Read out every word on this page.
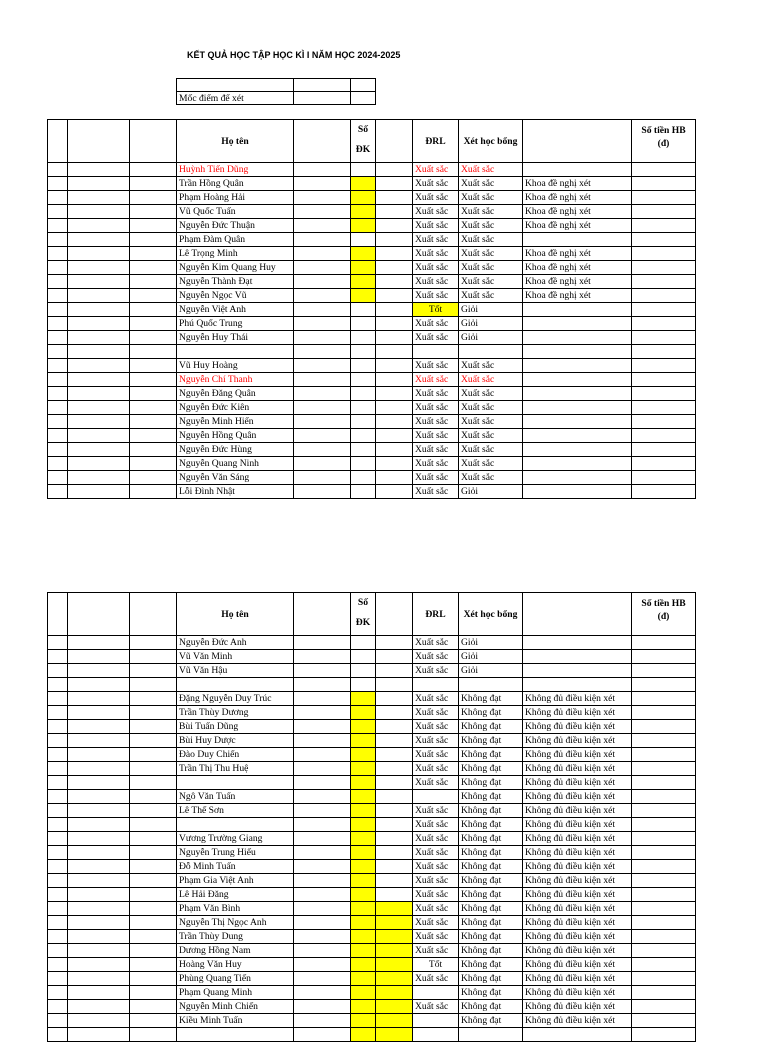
KẾT QUẢ HỌC TẬP HỌC KÌ I NĂM HỌC 2024-2025

Mốc điểm để xét		
			Họ tên		Số
ĐK		ĐRL	Xét học bổng		Số tiền HB
(đ)
			Huỳnh Tiến Dũng				Xuất sắc	Xuất sắc		
			Trần Hồng Quân				Xuất sắc	Xuất sắc	Khoa đề nghị xét	
			Phạm Hoàng Hải				Xuất sắc	Xuất sắc	Khoa đề nghị xét	
			Vũ Quốc Tuấn				Xuất sắc	Xuất sắc	Khoa đề nghị xét	
			Nguyễn Đức Thuận				Xuất sắc	Xuất sắc	Khoa đề nghị xét	
			Phạm Đàm Quân				Xuất sắc	Xuất sắc		
			Lê Trọng Minh				Xuất sắc	Xuất sắc	Khoa đề nghị xét	
			Nguyễn Kim Quang Huy				Xuất sắc	Xuất sắc	Khoa đề nghị xét	
			Nguyễn Thành Đạt				Xuất sắc	Xuất sắc	Khoa đề nghị xét	
			Nguyễn Ngọc Vũ				Xuất sắc	Xuất sắc	Khoa đề nghị xét	
			Nguyễn Việt Anh				Tốt	Giỏi		
			Phú Quốc Trung				Xuất sắc	Giỏi		
			Nguyễn Huy Thái				Xuất sắc	Giỏi		

			Vũ Huy Hoàng				Xuất sắc	Xuất sắc		
			Nguyễn Chí Thanh				Xuất sắc	Xuất sắc		
			Nguyễn Đăng Quân				Xuất sắc	Xuất sắc		
			Nguyễn Đức Kiên				Xuất sắc	Xuất sắc		
			Nguyễn Minh Hiển				Xuất sắc	Xuất sắc		
			Nguyễn Hồng Quân				Xuất sắc	Xuất sắc		
			Nguyễn Đức Hùng				Xuất sắc	Xuất sắc		
			Nguyễn Quang Ninh				Xuất sắc	Xuất sắc		
			Nguyễn Văn Sáng				Xuất sắc	Xuất sắc		
			Lỗi Đình Nhật				Xuất sắc	Giỏi		
			Họ tên		Số
ĐK		ĐRL	Xét học bổng		Số tiền HB
(đ)
			Nguyễn Đức Anh				Xuất sắc	Giỏi		
			Vũ Văn Minh				Xuất sắc	Giỏi		
			Vũ Văn Hậu				Xuất sắc	Giỏi		

			Đặng Nguyễn Duy Trúc				Xuất sắc	Không đạt	Không đủ điều kiện xét	
			Trần Thùy Dương				Xuất sắc	Không đạt	Không đủ điều kiện xét	
			Bùi Tuấn Dũng				Xuất sắc	Không đạt	Không đủ điều kiện xét	
			Bùi Huy Dược				Xuất sắc	Không đạt	Không đủ điều kiện xét	
			Đào Duy Chiến				Xuất sắc	Không đạt	Không đủ điều kiện xét	
			Trần Thị Thu Huệ				Xuất sắc	Không đạt	Không đủ điều kiện xét	
							Xuất sắc	Không đạt	Không đủ điều kiện xét	
			Ngô Văn Tuấn					Không đạt	Không đủ điều kiện xét	
			Lê Thế Sơn				Xuất sắc	Không đạt	Không đủ điều kiện xét	
							Xuất sắc	Không đạt	Không đủ điều kiện xét	
			Vương Trường Giang				Xuất sắc	Không đạt	Không đủ điều kiện xét	
			Nguyễn Trung Hiếu				Xuất sắc	Không đạt	Không đủ điều kiện xét	
			Đỗ Minh Tuấn				Xuất sắc	Không đạt	Không đủ điều kiện xét	
			Phạm Gia Việt Anh				Xuất sắc	Không đạt	Không đủ điều kiện xét	
			Lê Hải Đăng				Xuất sắc	Không đạt	Không đủ điều kiện xét	
			Phạm Văn Bình				Xuất sắc	Không đạt	Không đủ điều kiện xét	
			Nguyễn Thị Ngọc Anh				Xuất sắc	Không đạt	Không đủ điều kiện xét	
			Trần Thùy Dung				Xuất sắc	Không đạt	Không đủ điều kiện xét	
			Dương Hồng Nam				Xuất sắc	Không đạt	Không đủ điều kiện xét	
			Hoàng Văn Huy				Tốt	Không đạt	Không đủ điều kiện xét	
			Phùng Quang Tiến				Xuất sắc	Không đạt	Không đủ điều kiện xét	
			Phạm Quang Minh					Không đạt	Không đủ điều kiện xét	
			Nguyễn Minh Chiến				Xuất sắc	Không đạt	Không đủ điều kiện xét	
			Kiều Minh Tuấn					Không đạt	Không đủ điều kiện xét	
